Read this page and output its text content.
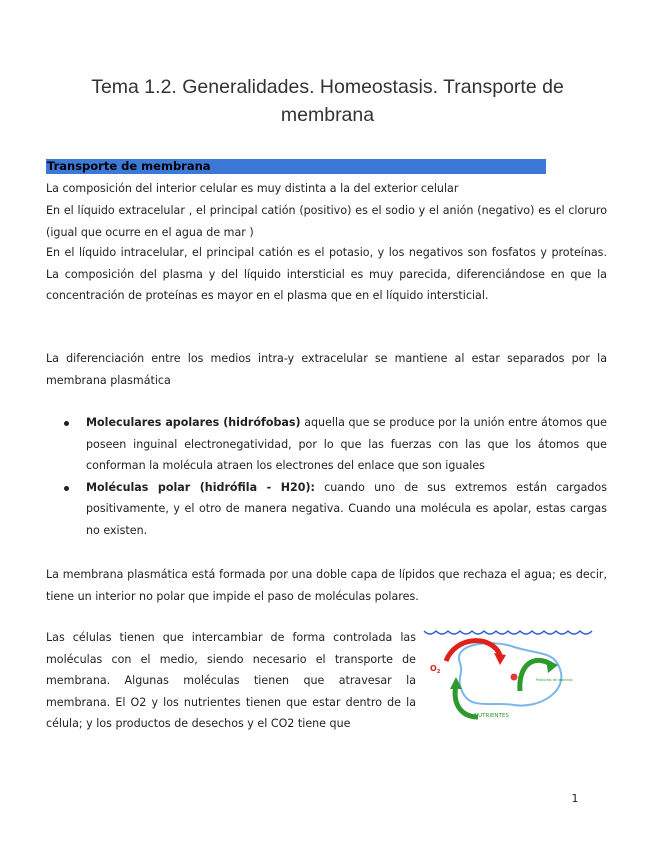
Tema 1.2. Generalidades. Homeostasis. Transporte de membrana
Transporte de membrana

La composición del interior celular es muy distinta a la del exterior celular

En el líquido extracelular , el principal catión (positivo) es el sodio y el anión (negativo) es el cloruro (igual que ocurre en el agua de mar )

En el líquido intracelular, el principal catión es el potasio, y los negativos son fosfatos y proteínas. La composición del plasma y del líquido intersticial es muy parecida, diferenciándose en que la concentración de proteínas es mayor en el plasma que en el líquido intersticial.

La diferenciación entre los medios intra-y extracelular se mantiene al estar separados por la membrana plasmática

Moleculares apolares (hidrófobas) aquella que se produce por la unión entre átomos que poseen inguinal electronegatividad, por lo que las fuerzas con las que los átomos que conforman la molécula atraen los electrones del enlace que son iguales
Moléculas polar (hidrófila - H20): cuando uno de sus extremos están cargados positivamente, y el otro de manera negativa. Cuando una molécula es apolar, estas cargas no existen.

La membrana plasmática está formada por una doble capa de lípidos que rechaza el agua; es decir, tiene un interior no polar que impide el paso de moléculas polares.

Las células tienen que intercambiar de forma controlada las moléculas con el medio, siendo necesario el transporte de membrana. Algunas moléculas tienen que atravesar la membrana. El O2 y los nutrientes tienen que estar dentro de la célula; y los productos de desechos y el CO2 tiene que

$O_2$
NUTRIENTES
Productos de desechos
1
